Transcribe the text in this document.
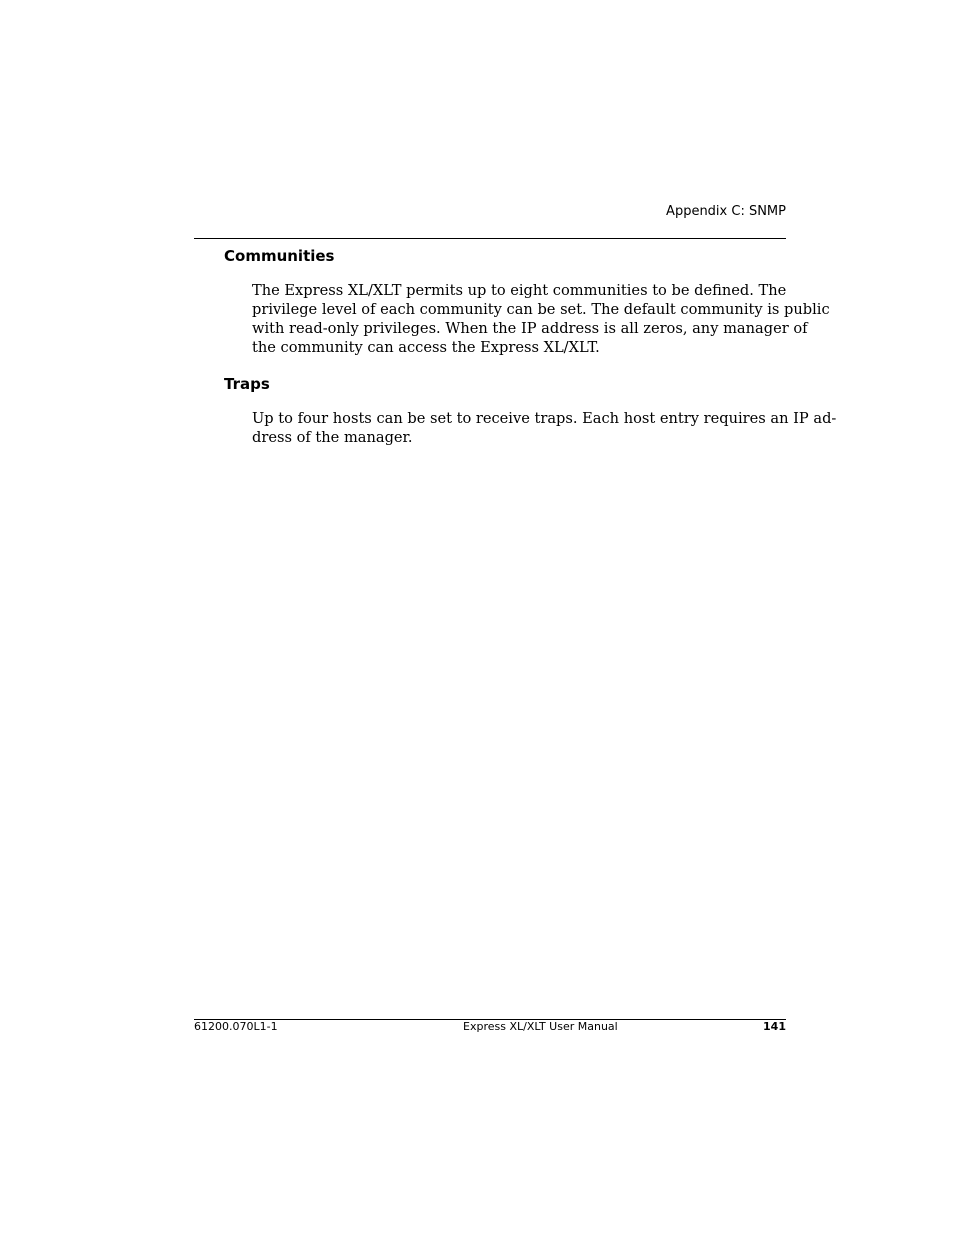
Appendix C: SNMP
Communities

The Express XL/XLT permits up to eight communities to be defined. The
privilege level of each community can be set. The default community is public
with read-only privileges. When the IP address is all zeros, any manager of
the community can access the Express XL/XLT.

Traps

Up to four hosts can be set to receive traps. Each host entry requires an IP ad-
dress of the manager.

61200.070L1-1	Express XL/XLT User Manual	141
